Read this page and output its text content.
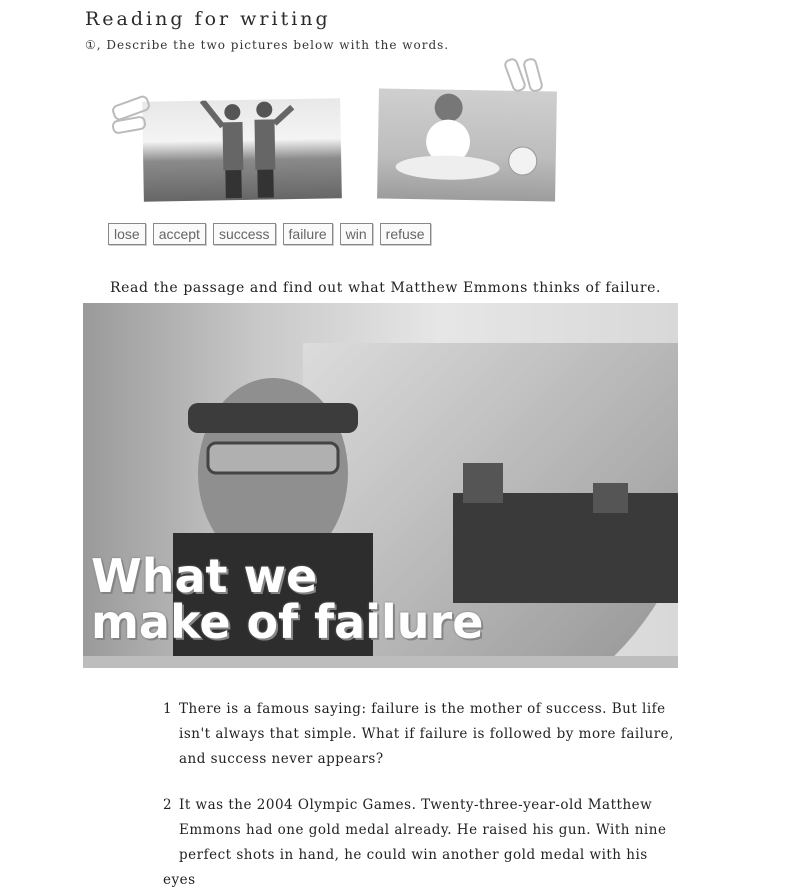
Reading for writing
①, Describe the two pictures below with the words.
lose	accept	success	failure	win	refuse
Read the passage and find out what Matthew Emmons thinks of failure.
What we
make of failure
1 There is a famous saying: failure is the mother of success. But life
isn't always that simple. What if failure is followed by more failure,
and success never appears?
2 It was the 2004 Olympic Games. Twenty-three-year-old Matthew
Emmons had one gold medal already. He raised his gun. With nine
perfect shots in hand, he could win another gold medal with his eyes
